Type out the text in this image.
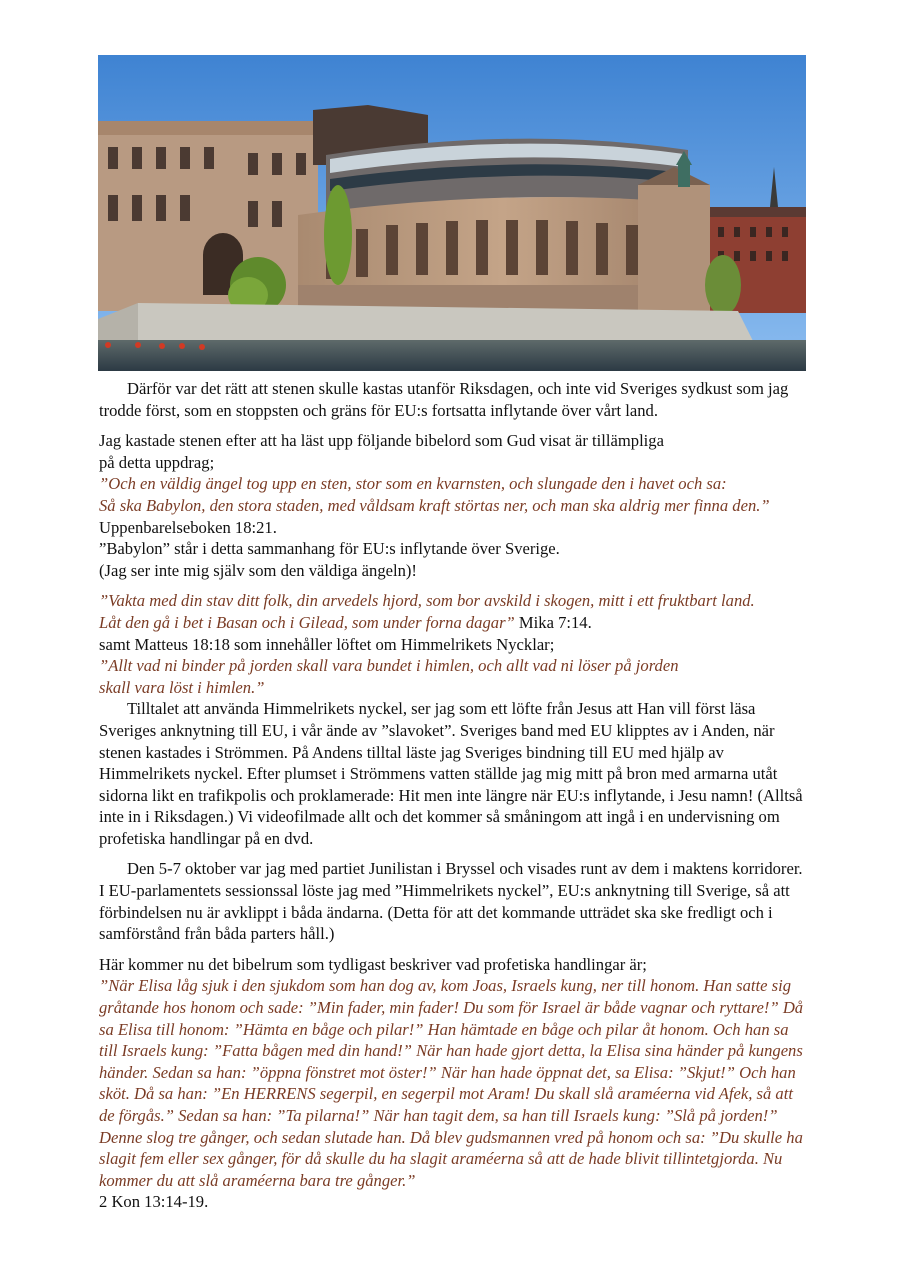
Därför var det rätt att stenen skulle kastas utanför Riksdagen, och inte vid Sveriges sydkust som jag trodde först, som en stoppsten och gräns för EU:s fortsatta inflytande över vårt land.

Jag kastade stenen efter att ha läst upp följande bibelord som Gud visat är tillämpliga
på detta uppdrag;
”Och en väldig ängel tog upp en sten, stor som en kvarnsten, och slungade den i havet och sa:
Så ska Babylon, den stora staden, med våldsam kraft störtas ner, och man ska aldrig mer finna den.”
Uppenbarelseboken 18:21.
”Babylon” står i detta sammanhang för EU:s inflytande över Sverige.
(Jag ser inte mig själv som den väldiga ängeln)!

”Vakta med din stav ditt folk, din arvedels hjord, som bor avskild i skogen, mitt i ett fruktbart land.
Låt den gå i bet i Basan och i Gilead, som under forna dagar” Mika 7:14.
samt Matteus 18:18 som innehåller löftet om Himmelrikets Nycklar;
”Allt vad ni binder på jorden skall vara bundet i himlen, och allt vad ni löser på jorden
skall vara löst i himlen.”

Tilltalet att använda Himmelrikets nyckel, ser jag som ett löfte från Jesus att Han vill först läsa Sveriges anknytning till EU, i vår ände av ”slavoket”. Sveriges band med EU klipptes av i Anden, när stenen kastades i Strömmen. På Andens tilltal läste jag Sveriges bindning till EU med hjälp av Himmelrikets nyckel. Efter plumset i Strömmens vatten ställde jag mig mitt på bron med armarna utåt sidorna likt en trafikpolis och proklamerade: Hit men inte längre när EU:s inflytande, i Jesu namn! (Alltså inte in i Riksdagen.) Vi videofilmade allt och det kommer så småningom att ingå i en undervisning om profetiska handlingar på en dvd.

Den 5-7 oktober var jag med partiet Junilistan i Bryssel och visades runt av dem i maktens korridorer. I EU-parlamentets sessionssal löste jag med ”Himmelrikets nyckel”, EU:s anknytning till Sverige, så att förbindelsen nu är avklippt i båda ändarna. (Detta för att det kommande utträdet ska ske fredligt och i samförstånd från båda parters håll.)

Här kommer nu det bibelrum som tydligast beskriver vad profetiska handlingar är;
”När Elisa låg sjuk i den sjukdom som han dog av, kom Joas, Israels kung, ner till honom. Han satte sig gråtande hos honom och sade: ”Min fader, min fader! Du som för Israel är både vagnar och ryttare!” Då sa Elisa till honom: ”Hämta en båge och pilar!” Han hämtade en båge och pilar åt honom. Och han sa till Israels kung: ”Fatta bågen med din hand!” När han hade gjort detta, la Elisa sina händer på kungens händer. Sedan sa han: ”öppna fönstret mot öster!” När han hade öppnat det, sa Elisa: ”Skjut!” Och han sköt. Då sa han: ”En HERRENS segerpil, en segerpil mot Aram! Du skall slå araméerna vid Afek, så att de förgås.” Sedan sa han: ”Ta pilarna!” När han tagit dem, sa han till Israels kung: ”Slå på jorden!” Denne slog tre gånger, och sedan slutade han. Då blev gudsmannen vred på honom och sa: ”Du skulle ha slagit fem eller sex gånger, för då skulle du ha slagit araméerna så att de hade blivit tillintetgjorda. Nu kommer du att slå araméerna bara tre gånger.”
2 Kon 13:14-19.
